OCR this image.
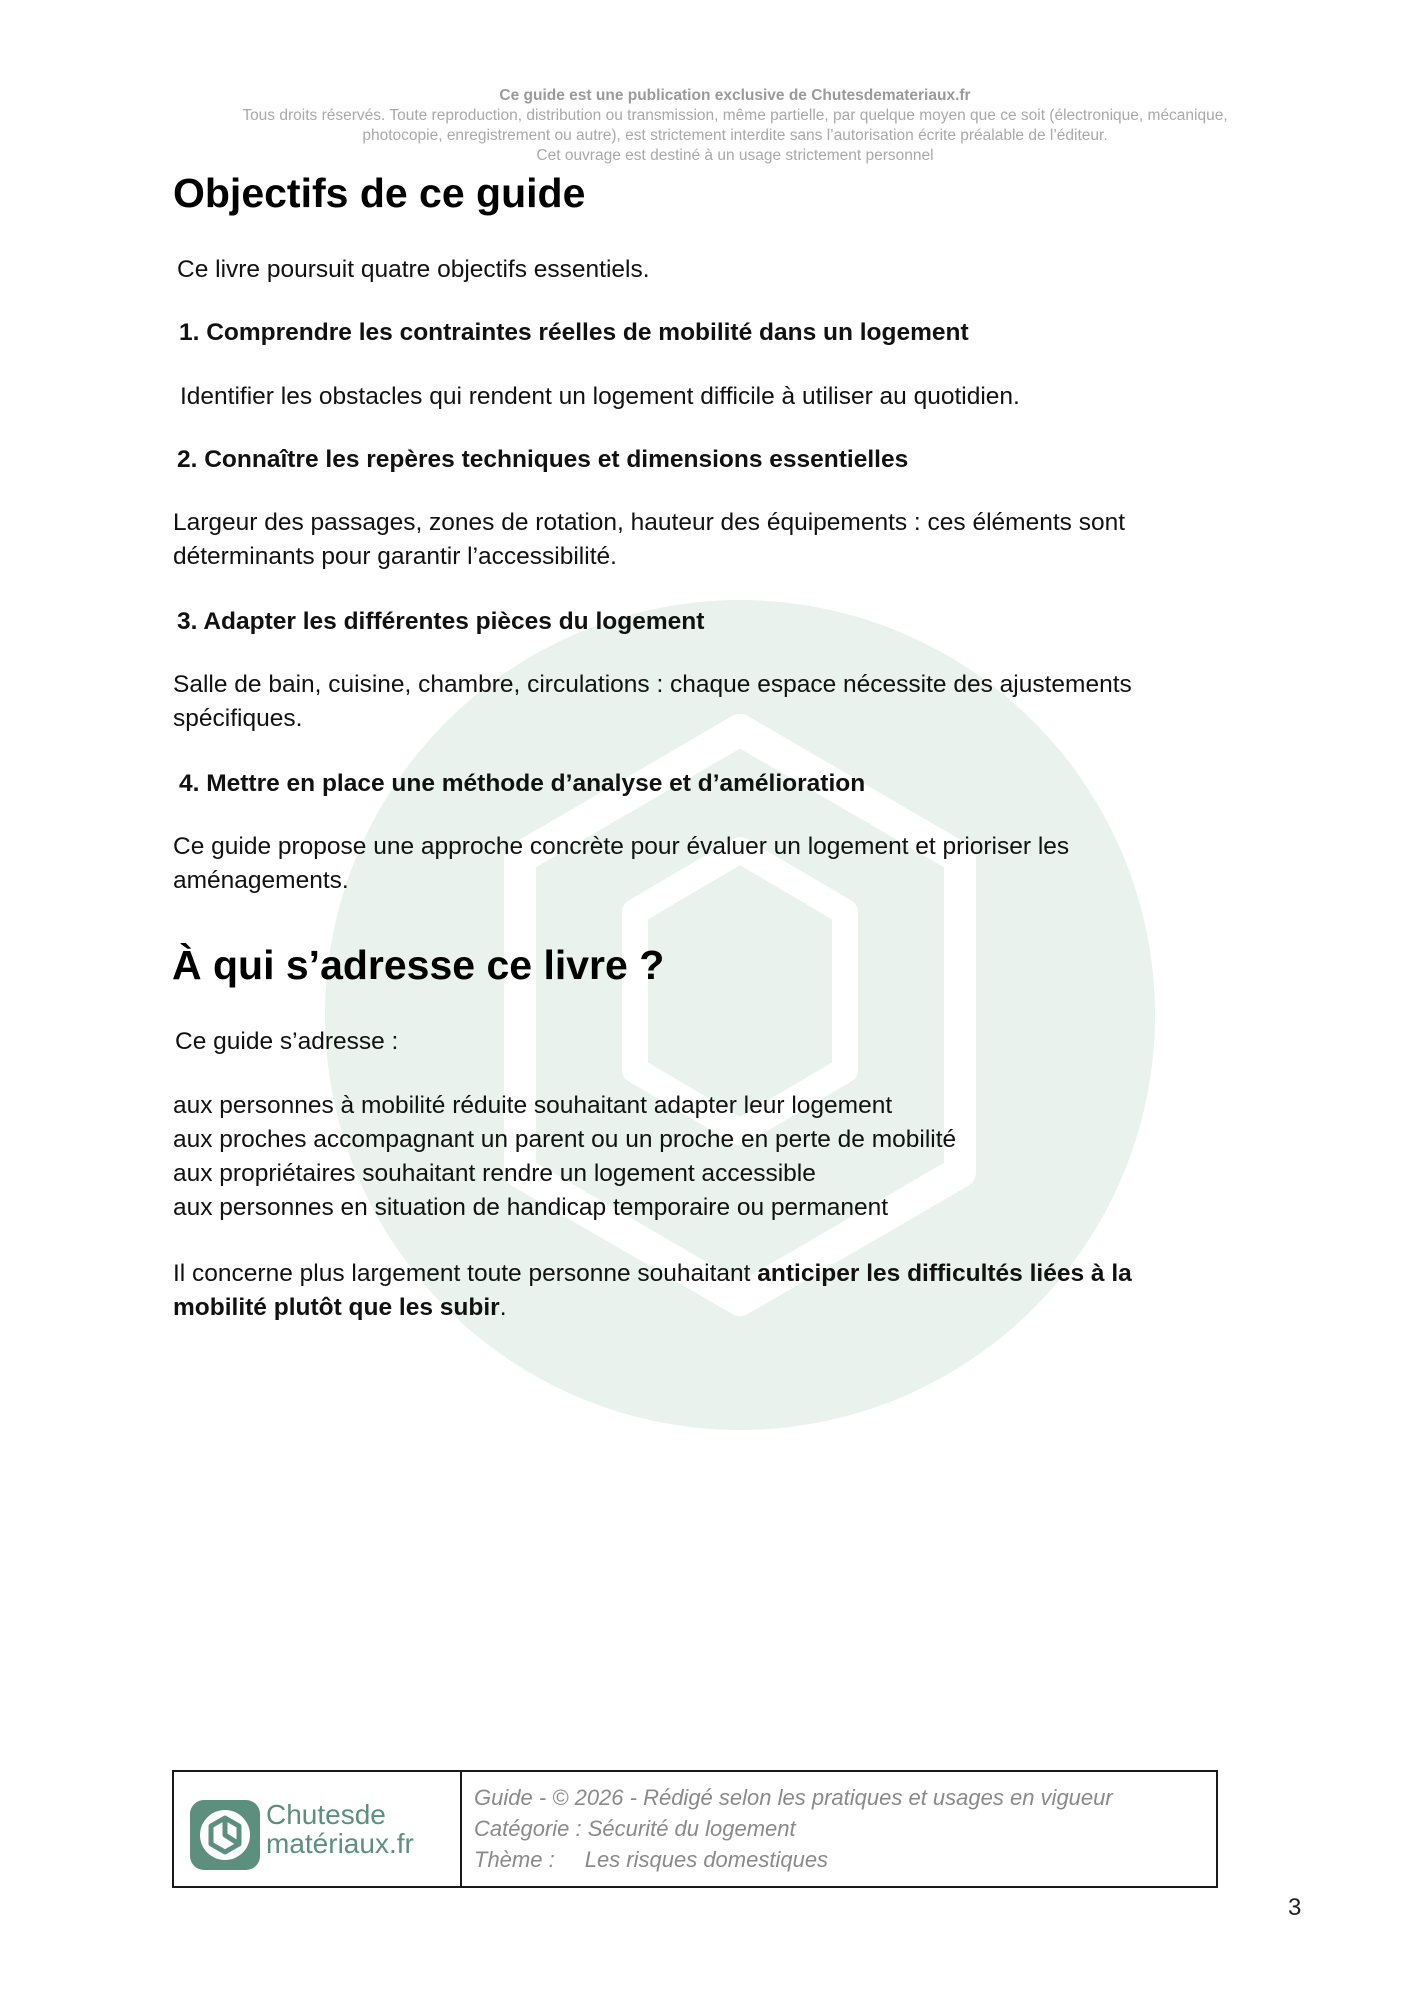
Ce guide est une publication exclusive de Chutesdemateriaux.fr
Tous droits réservés. Toute reproduction, distribution ou transmission, même partielle, par quelque moyen que ce soit (électronique, mécanique,
photocopie, enregistrement ou autre), est strictement interdite sans l’autorisation écrite préalable de l’éditeur.
Cet ouvrage est destiné à un usage strictement personnel
Objectifs de ce guide

Ce livre poursuit quatre objectifs essentiels.

1. Comprendre les contraintes réelles de mobilité dans un logement

Identifier les obstacles qui rendent un logement difficile à utiliser au quotidien.

2. Connaître les repères techniques et dimensions essentielles

Largeur des passages, zones de rotation, hauteur des équipements : ces éléments sont

déterminants pour garantir l’accessibilité.

3. Adapter les différentes pièces du logement

Salle de bain, cuisine, chambre, circulations : chaque espace nécessite des ajustements

spécifiques.

4. Mettre en place une méthode d’analyse et d’amélioration

Ce guide propose une approche concrète pour évaluer un logement et prioriser les

aménagements.

À qui s’adresse ce livre ?

Ce guide s’adresse :

aux personnes à mobilité réduite souhaitant adapter leur logement
aux proches accompagnant un parent ou un proche en perte de mobilité
aux propriétaires souhaitant rendre un logement accessible
aux personnes en situation de handicap temporaire ou permanent

Il concerne plus largement toute personne souhaitant anticiper les difficultés liées à la

mobilité plutôt que les subir.

Chutesde
matériaux.fr
Guide - © 2026 - Rédigé selon les pratiques et usages en vigueur
Catégorie : Sécurité du logement
Thème : Les risques domestiques
3
